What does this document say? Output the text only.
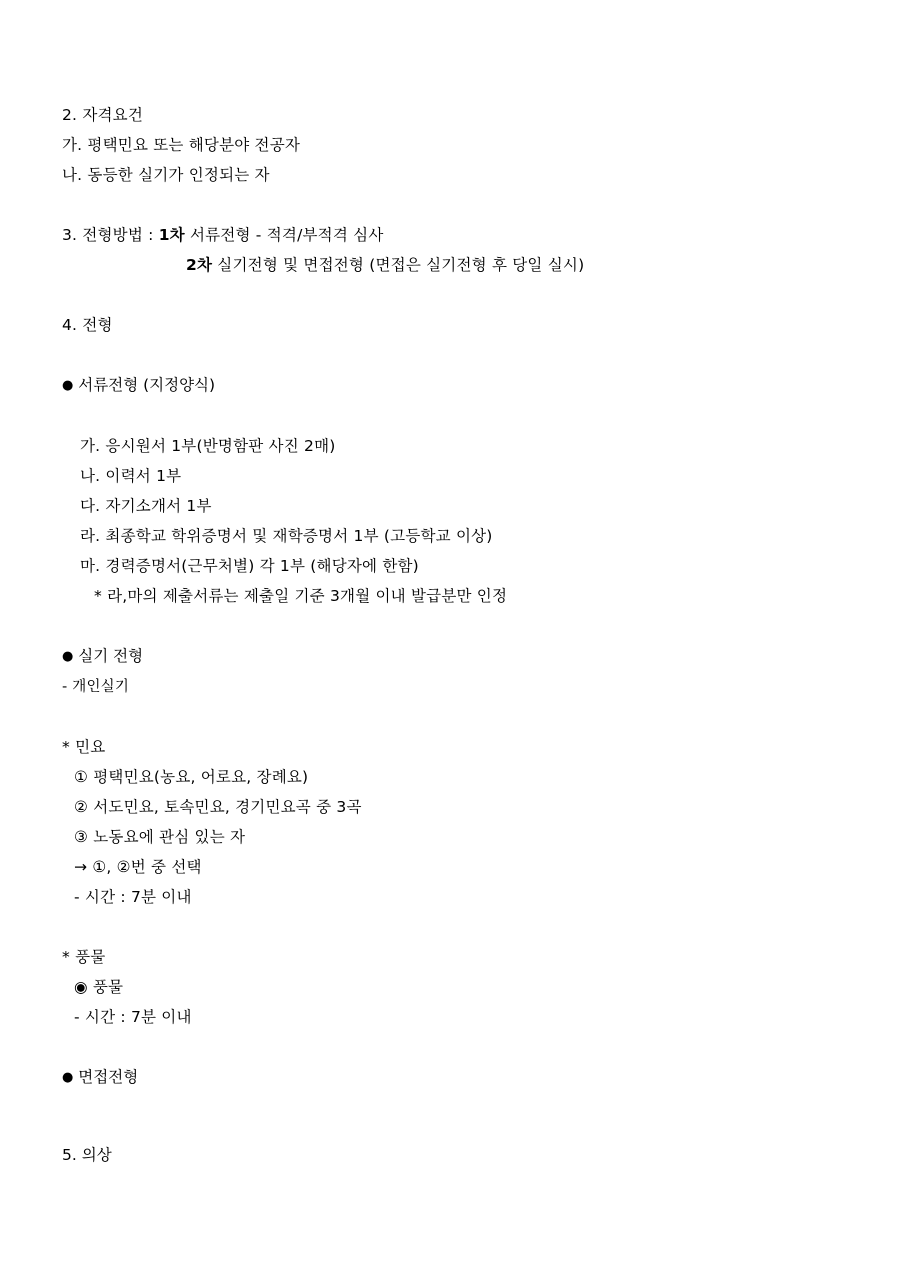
2. 자격요건
가. 평택민요 또는 해당분야 전공자
나. 동등한 실기가 인정되는 자
3. 전형방법 : 1차 서류전형 - 적격/부적격 심사
2차 실기전형 및 면접전형 (면접은 실기전형 후 당일 실시)
4. 전형
● 서류전형 (지정양식)
가. 응시원서 1부(반명함판 사진 2매)
나. 이력서 1부
다. 자기소개서 1부
라. 최종학교 학위증명서 및 재학증명서 1부 (고등학교 이상)
마. 경력증명서(근무처별) 각 1부 (해당자에 한함)
* 라,마의 제출서류는 제출일 기준 3개월 이내 발급분만 인정
● 실기 전형
- 개인실기
* 민요
① 평택민요(농요, 어로요, 장례요)
② 서도민요, 토속민요, 경기민요곡 중 3곡
③ 노동요에 관심 있는 자
→ ①, ②번 중 선택
- 시간 : 7분 이내
* 풍물
◉ 풍물
- 시간 : 7분 이내
● 면접전형
5. 의상
